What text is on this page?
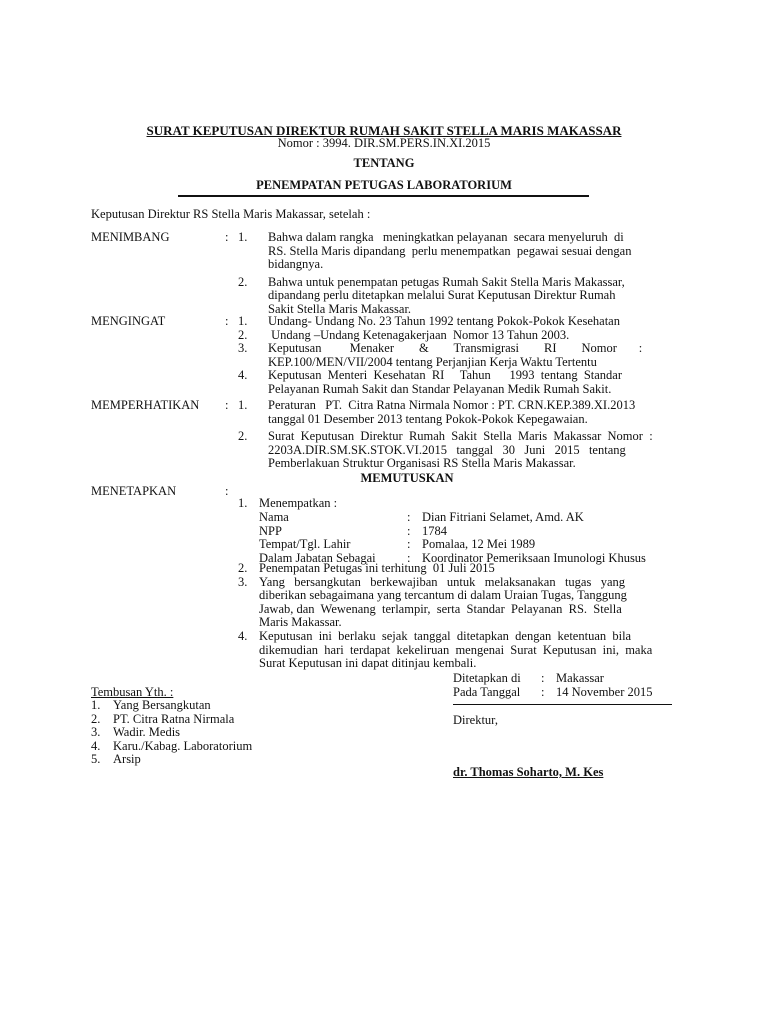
SURAT KEPUTUSAN DIREKTUR RUMAH SAKIT STELLA MARIS MAKASSAR
Nomor : 3994. DIR.SM.PERS.IN.XI.2015
TENTANG
PENEMPATAN PETUGAS LABORATORIUM
Keputusan Direktur RS Stella Maris Makassar, setelah :
MENIMBANG	: 1. Bahwa dalam rangka   meningkatkan pelayanan  secara menyeluruh  di
RS. Stella Maris dipandang  perlu menempatkan  pegawai sesuai dengan
bidangnya.
2. Bahwa untuk penempatan petugas Rumah Sakit Stella Maris Makassar,
dipandang perlu ditetapkan melalui Surat Keputusan Direktur Rumah
Sakit Stella Maris Makassar.
MENGINGAT	: 1. Undang- Undang No. 23 Tahun 1992 tentang Pokok-Pokok Kesehatan
2. Undang –Undang Ketenagakerjaan  Nomor 13 Tahun 2003.
3. Keputusan         Menaker        &        Transmigrasi        RI        Nomor       :
KEP.100/MEN/VII/2004 tentang Perjanjian Kerja Waktu Tertentu
4. Keputusan  Menteri  Kesehatan  RI     Tahun      1993  tentang  Standar
Pelayanan Rumah Sakit dan Standar Pelayanan Medik Rumah Sakit.
MEMPERHATIKAN : 1. Peraturan   PT.  Citra Ratna Nirmala Nomor : PT. CRN.KEP.389.XI.2013
tanggal 01 Desember 2013 tentang Pokok-Pokok Kepegawaian.
2. Surat  Keputusan  Direktur  Rumah  Sakit  Stella  Maris  Makassar  Nomor  :
2203A.DIR.SM.SK.STOK.VI.2015   tanggal   30   Juni   2015   tentang
Pemberlakuan Struktur Organisasi RS Stella Maris Makassar.
MEMUTUSKAN
MENETAPKAN	:
1. Menempatkan :
Nama	: Dian Fitriani Selamet, Amd. AK
NPP	: 1784
Tempat/Tgl. Lahir	: Pomalaa, 12 Mei 1989
Dalam Jabatan Sebagai	: Koordinator Pemeriksaan Imunologi Khusus
2. Penempatan Petugas ini terhitung  01 Juli 2015
3. Yang   bersangkutan   berkewajiban   untuk   melaksanakan   tugas   yang
diberikan sebagaimana yang tercantum di dalam Uraian Tugas, Tanggung
Jawab, dan  Wewenang  terlampir,  serta  Standar  Pelayanan  RS.  Stella
Maris Makassar.
4. Keputusan  ini  berlaku  sejak  tanggal  ditetapkan  dengan  ketentuan  bila
dikemudian  hari  terdapat  kekeliruan  mengenai  Surat  Keputusan  ini,  maka
Surat Keputusan ini dapat ditinjau kembali.
Ditetapkan di : Makassar
Pada Tanggal : 14 November 2015
Direktur,
dr. Thomas Soharto, M. Kes
Tembusan Yth. :
1. Yang Bersangkutan
2. PT. Citra Ratna Nirmala
3. Wadir. Medis
4. Karu./Kabag. Laboratorium
5. Arsip
